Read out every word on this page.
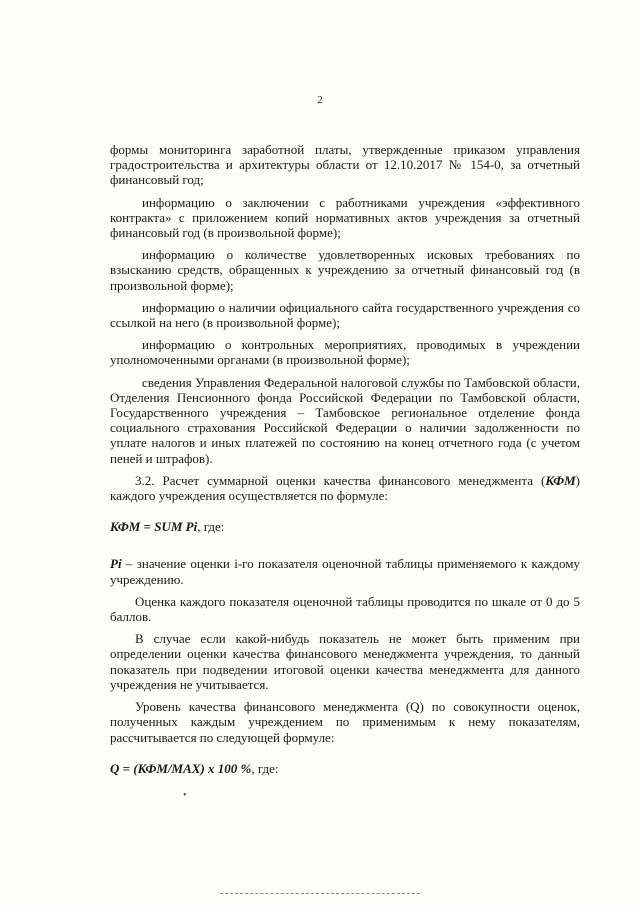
2

формы мониторинга заработной платы, утвержденные приказом управления градостроительства и архитектуры области от 12.10.2017 № 154-0, за отчетный финансовый год;

информацию о заключении с работниками учреждения «эффективного контракта» с приложением копий нормативных актов учреждения за отчетный финансовый год (в произвольной форме);

информацию о количестве удовлетворенных исковых требованиях по взысканию средств, обращенных к учреждению за отчетный финансовый год (в произвольной форме);

информацию о наличии официального сайта государственного учреждения со ссылкой на него (в произвольной форме);

информацию о контрольных мероприятиях, проводимых в учреждении уполномоченными органами (в произвольной форме);

сведения Управления Федеральной налоговой службы по Тамбовской области, Отделения Пенсионного фонда Российской Федерации по Тамбовской области, Государственного учреждения – Тамбовское региональное отделение фонда социального страхования Российской Федерации о наличии задолженности по уплате налогов и иных платежей по состоянию на конец отчетного года (с учетом пеней и штрафов).

3.2. Расчет суммарной оценки качества финансового менеджмента (КФМ) каждого учреждения осуществляется по формуле:

КФМ = SUM Pi, где:

Pi – значение оценки i-го показателя оценочной таблицы применяемого к каждому учреждению.

Оценка каждого показателя оценочной таблицы проводится по шкале от 0 до 5 баллов.

В случае если какой-нибудь показатель не может быть применим при определении оценки качества финансового менеджмента учреждения, то данный показатель при подведении итоговой оценки качества менеджмента для данного учреждения не учитывается.

Уровень качества финансового менеджмента (Q) по совокупности оценок, полученных каждым учреждением по применимым к нему показателям, рассчитывается по следующей формуле:

Q = (КФМ/MAX) x 100 %, где:

•
